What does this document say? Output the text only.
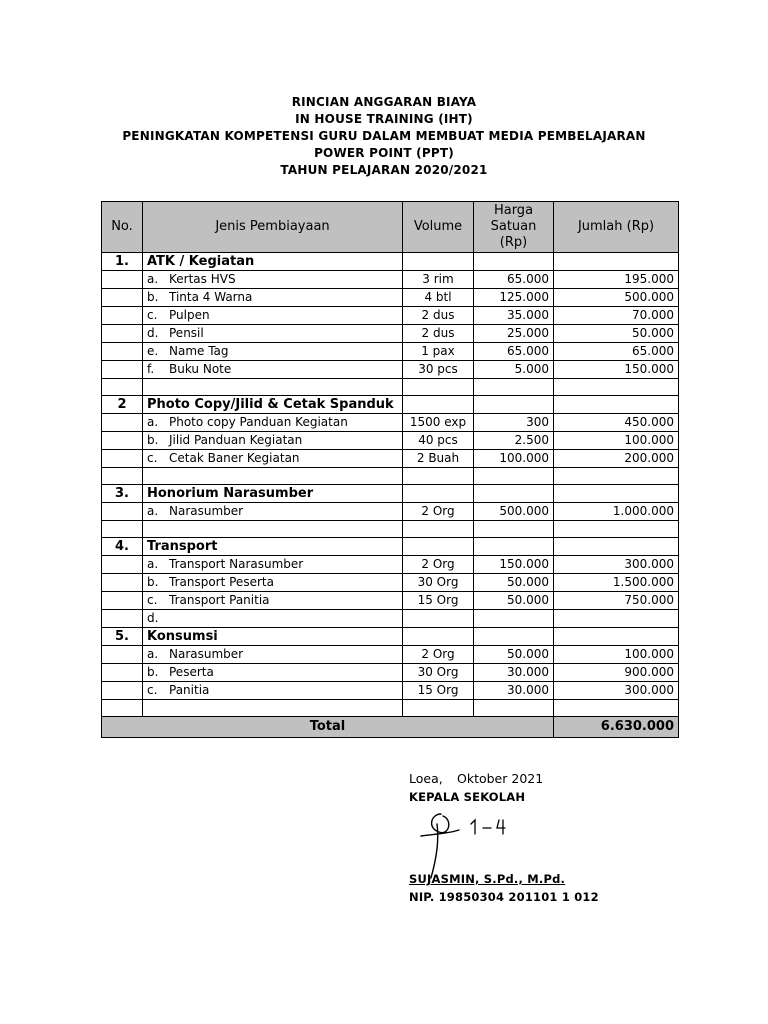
RINCIAN ANGGARAN BIAYA
IN HOUSE TRAINING (IHT)
PENINGKATAN KOMPETENSI GURU DALAM MEMBUAT MEDIA PEMBELAJARAN POWER POINT (PPT)
TAHUN PELAJARAN 2020/2021
No.	Jenis Pembiayaan	Volume	Harga Satuan (Rp)	Jumlah (Rp)
1.	ATK / Kegiatan			
	a. Kertas HVS	3 rim	65.000	195.000
	b. Tinta 4 Warna	4 btl	125.000	500.000
	c. Pulpen	2 dus	35.000	70.000
	d. Pensil	2 dus	25.000	50.000
	e. Name Tag	1 pax	65.000	65.000
	f. Buku Note	30 pcs	5.000	150.000

2	Photo Copy/Jilid & Cetak Spanduk			
	a. Photo copy Panduan Kegiatan	1500 exp	300	450.000
	b. Jilid Panduan Kegiatan	40 pcs	2.500	100.000
	c. Cetak Baner Kegiatan	2 Buah	100.000	200.000

3.	Honorium Narasumber			
	a. Narasumber	2 Org	500.000	1.000.000

4.	Transport			
	a. Transport Narasumber	2 Org	150.000	300.000
	b. Transport Peserta	30 Org	50.000	1.500.000
	c. Transport Panitia	15 Org	50.000	750.000
	d.			
5.	Konsumsi			
	a. Narasumber	2 Org	50.000	100.000
	b. Peserta	30 Org	30.000	900.000
	c. Panitia	15 Org	30.000	300.000

Total				6.630.000
Loea, Oktober 2021
KEPALA SEKOLAH
SUJASMIN, S.Pd., M.Pd.
NIP. 19850304 201101 1 012
